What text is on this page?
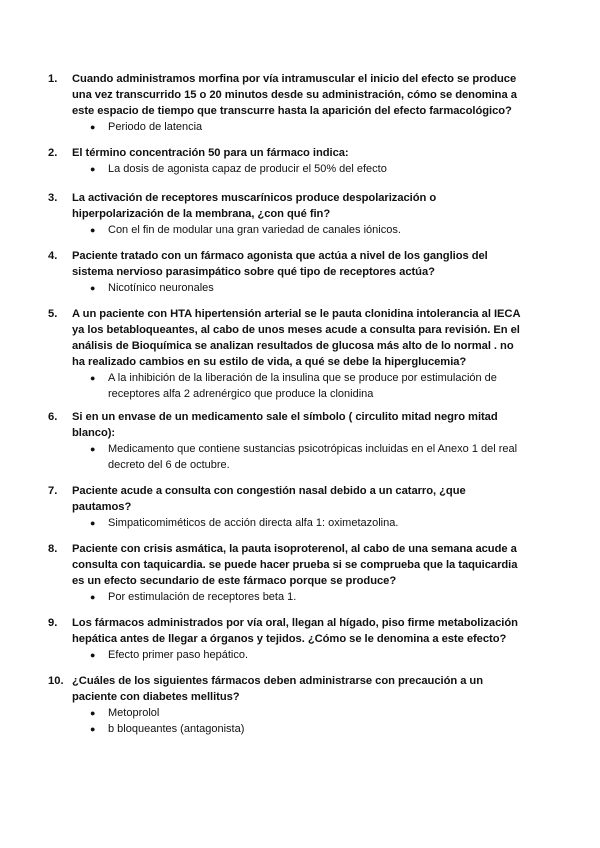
1.	Cuando administramos morfina por vía intramuscular el inicio del efecto se produce
una vez transcurrido 15 o 20 minutos desde su administración, cómo se denomina a
este espacio de tiempo que transcurre hasta la aparición del efecto farmacológico?
● Periodo de latencia
2.	El término concentración 50 para un fármaco indica:
● La dosis de agonista capaz de producir el 50% del efecto
3.	La activación de receptores muscarínicos produce despolarización o
hiperpolarización de la membrana, ¿con qué fin?
● Con el fin de modular una gran variedad de canales iónicos.
4.	Paciente tratado con un fármaco agonista que actúa a nivel de los ganglios del
sistema nervioso parasimpático sobre qué tipo de receptores actúa?
● Nicotínico neuronales
5.	A un paciente con HTA hipertensión arterial se le pauta clonidina intolerancia al IECA
ya los betabloqueantes, al cabo de unos meses acude a consulta para revisión. En el
análisis de Bioquímica se analizan resultados de glucosa más alto de lo normal . no
ha realizado cambios en su estilo de vida, a qué se debe la hiperglucemia?
● A la inhibición de la liberación de la insulina que se produce por estimulación de
receptores alfa 2 adrenérgico que produce la clonidina
6.	Si en un envase de un medicamento sale el símbolo ( circulito mitad negro mitad
blanco):
● Medicamento que contiene sustancias psicotrópicas incluidas en el Anexo 1 del real
decreto del 6 de octubre.
7.	Paciente acude a consulta con congestión nasal debido a un catarro, ¿que
pautamos?
● Simpaticomiméticos de acción directa alfa 1: oximetazolina.
8.	Paciente con crisis asmática, la pauta isoproterenol, al cabo de una semana acude a
consulta con taquicardia. se puede hacer prueba si se comprueba que la taquicardia
es un efecto secundario de este fármaco porque se produce?
● Por estimulación de receptores beta 1.
9.	Los fármacos administrados por vía oral, llegan al hígado, piso firme metabolización
hepática antes de llegar a órganos y tejidos. ¿Cómo se le denomina a este efecto?
● Efecto primer paso hepático.
10. ¿Cuáles de los siguientes fármacos deben administrarse con precaución a un
paciente con diabetes mellitus?
● Metoprolol
● b bloqueantes (antagonista)
